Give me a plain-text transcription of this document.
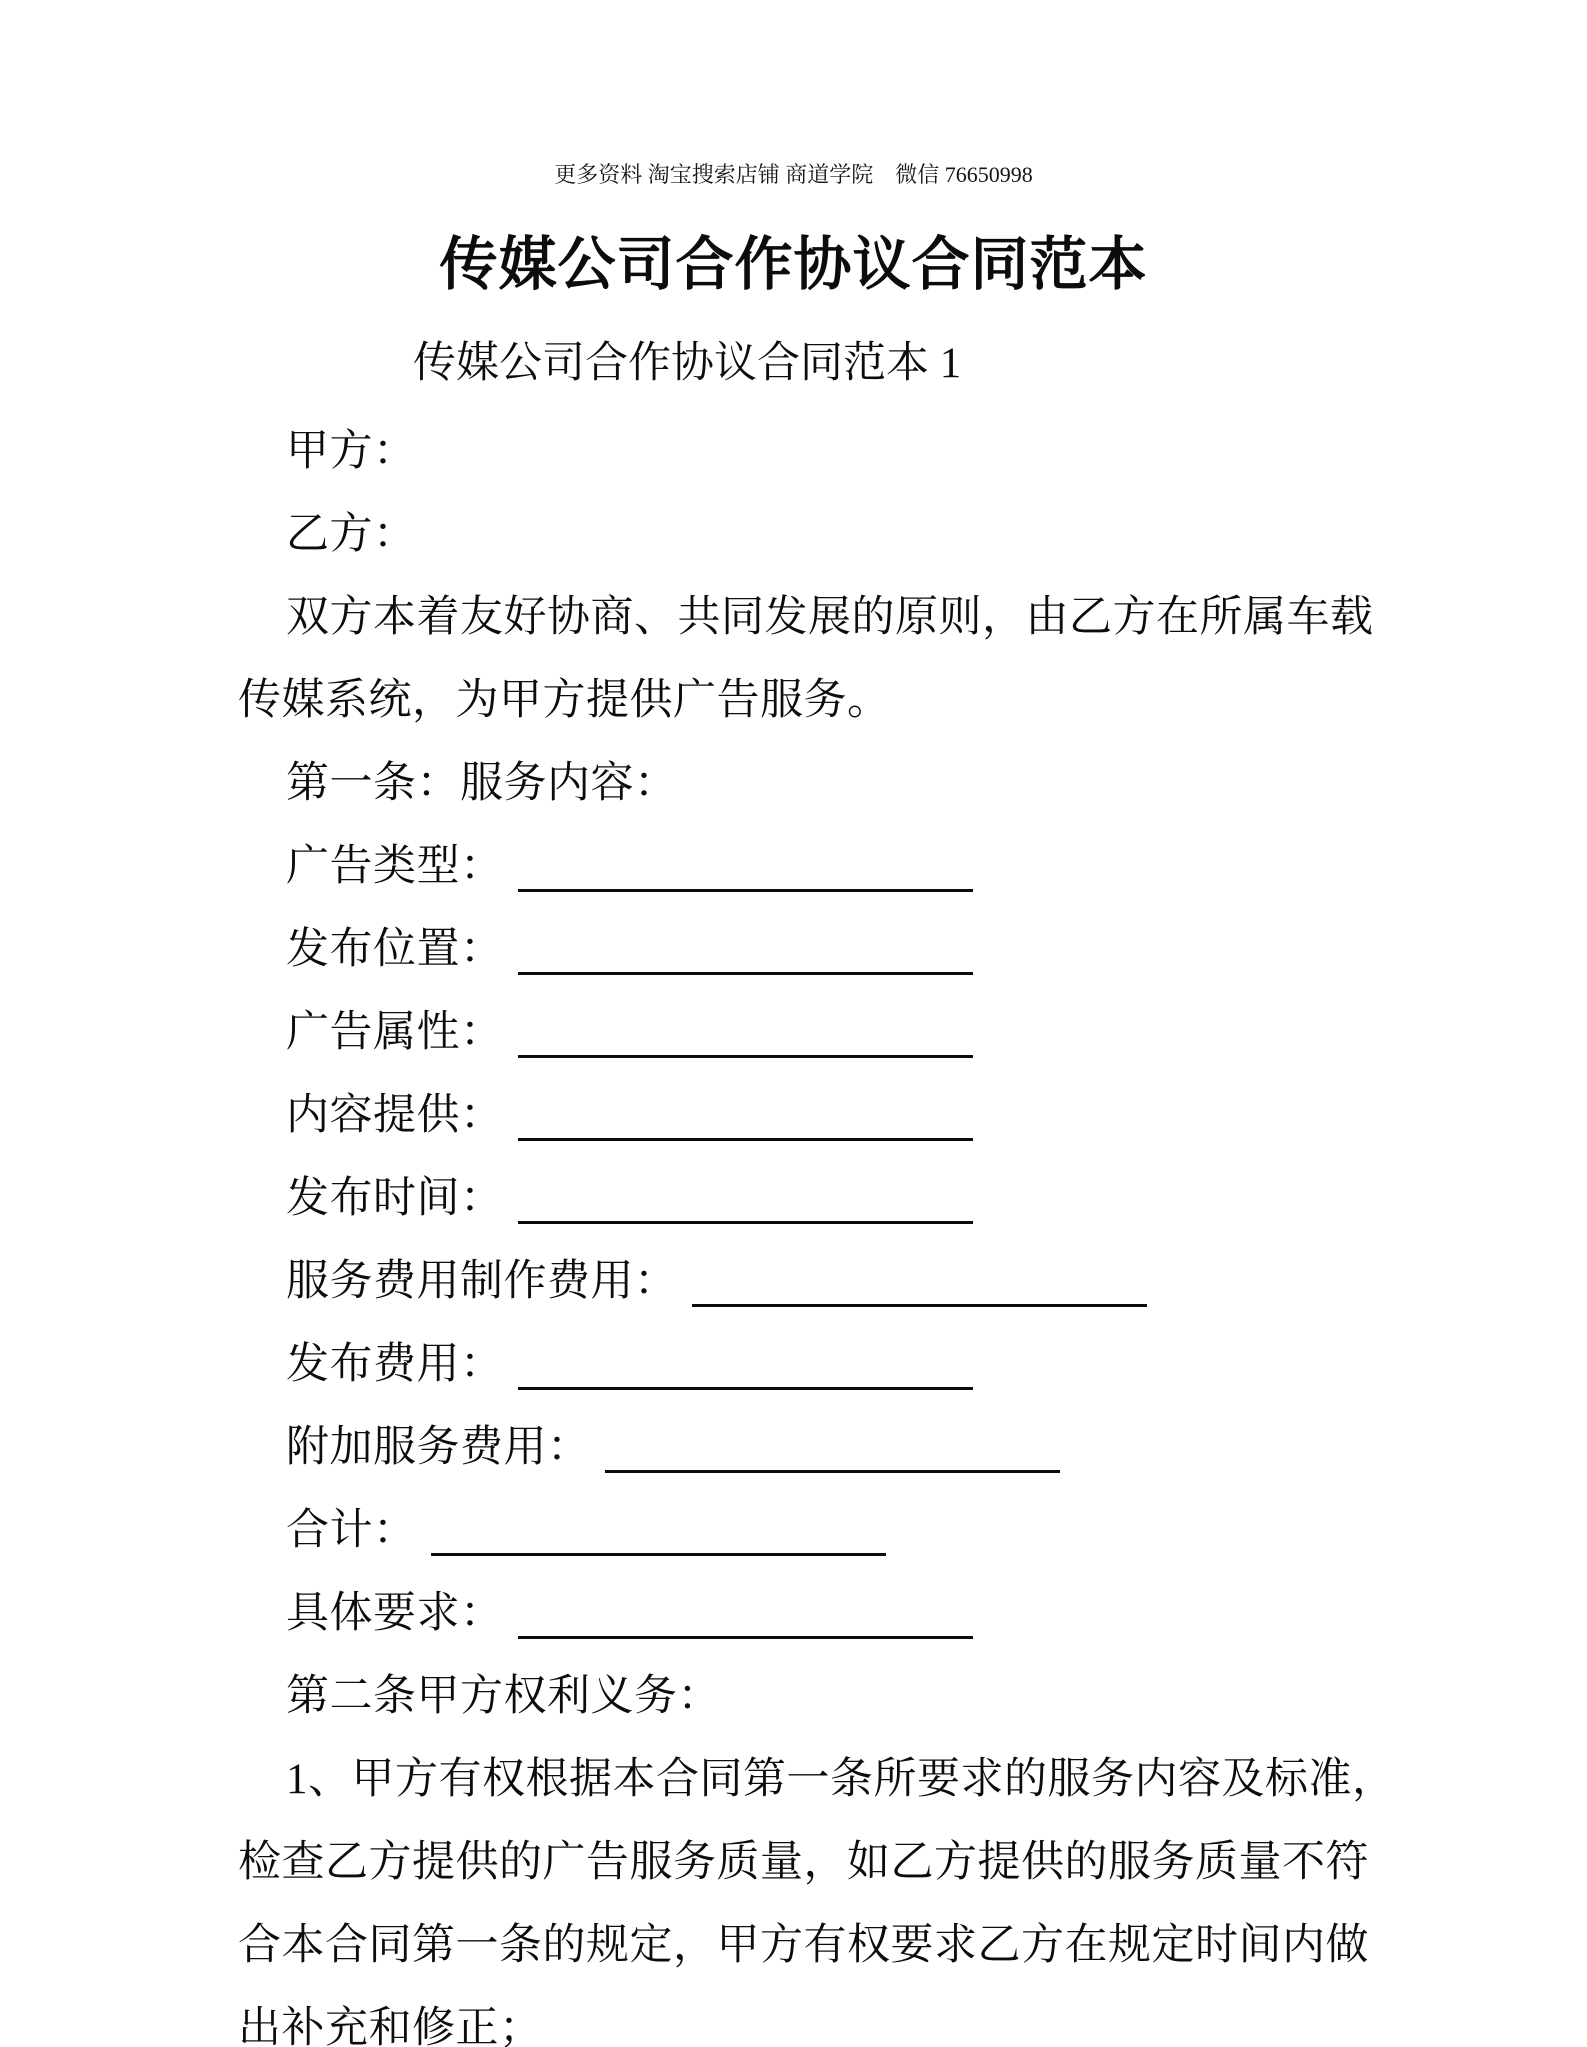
更多资料 淘宝搜索店铺 商道学院　微信 76650998
传媒公司合作协议合同范本
传媒公司合作协议合同范本 1
甲方：
乙方：
双方本着友好协商、共同发展的原则，由乙方在所属车载
传媒系统，为甲方提供广告服务。
第一条：服务内容：
广告类型：
发布位置：
广告属性：
内容提供：
发布时间：
服务费用制作费用：
发布费用：
附加服务费用：
合计：
具体要求：
第二条甲方权利义务：
1、甲方有权根据本合同第一条所要求的服务内容及标准，
检查乙方提供的广告服务质量，如乙方提供的服务质量不符
合本合同第一条的规定，甲方有权要求乙方在规定时间内做
出补充和修正；
